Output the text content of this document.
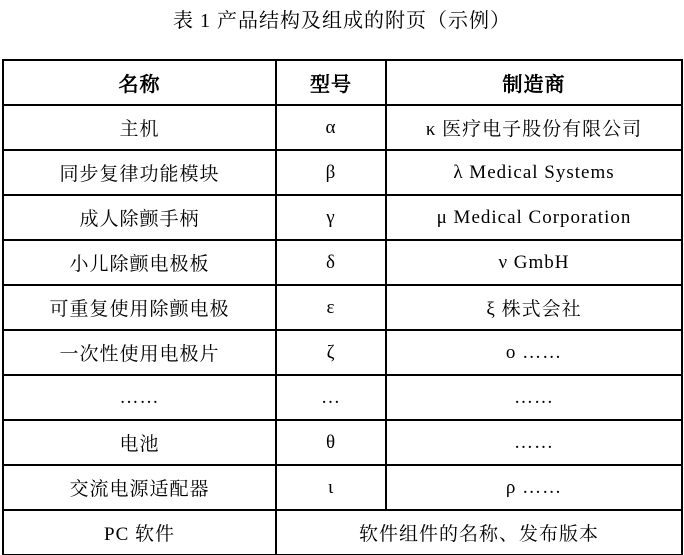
表 1 产品结构及组成的附页（示例）
名称	型号	制造商
主机	α	κ 医疗电子股份有限公司
同步复律功能模块	β	λ Medical Systems
成人除颤手柄	γ	μ Medical Corporation
小儿除颤电极板	δ	ν GmbH
可重复使用除颤电极	ε	ξ 株式会社
一次性使用电极片	ζ	ο ……
……	…	……
电池	θ	……
交流电源适配器	ι	ρ ……
PC 软件	软件组件的名称、发布版本	
